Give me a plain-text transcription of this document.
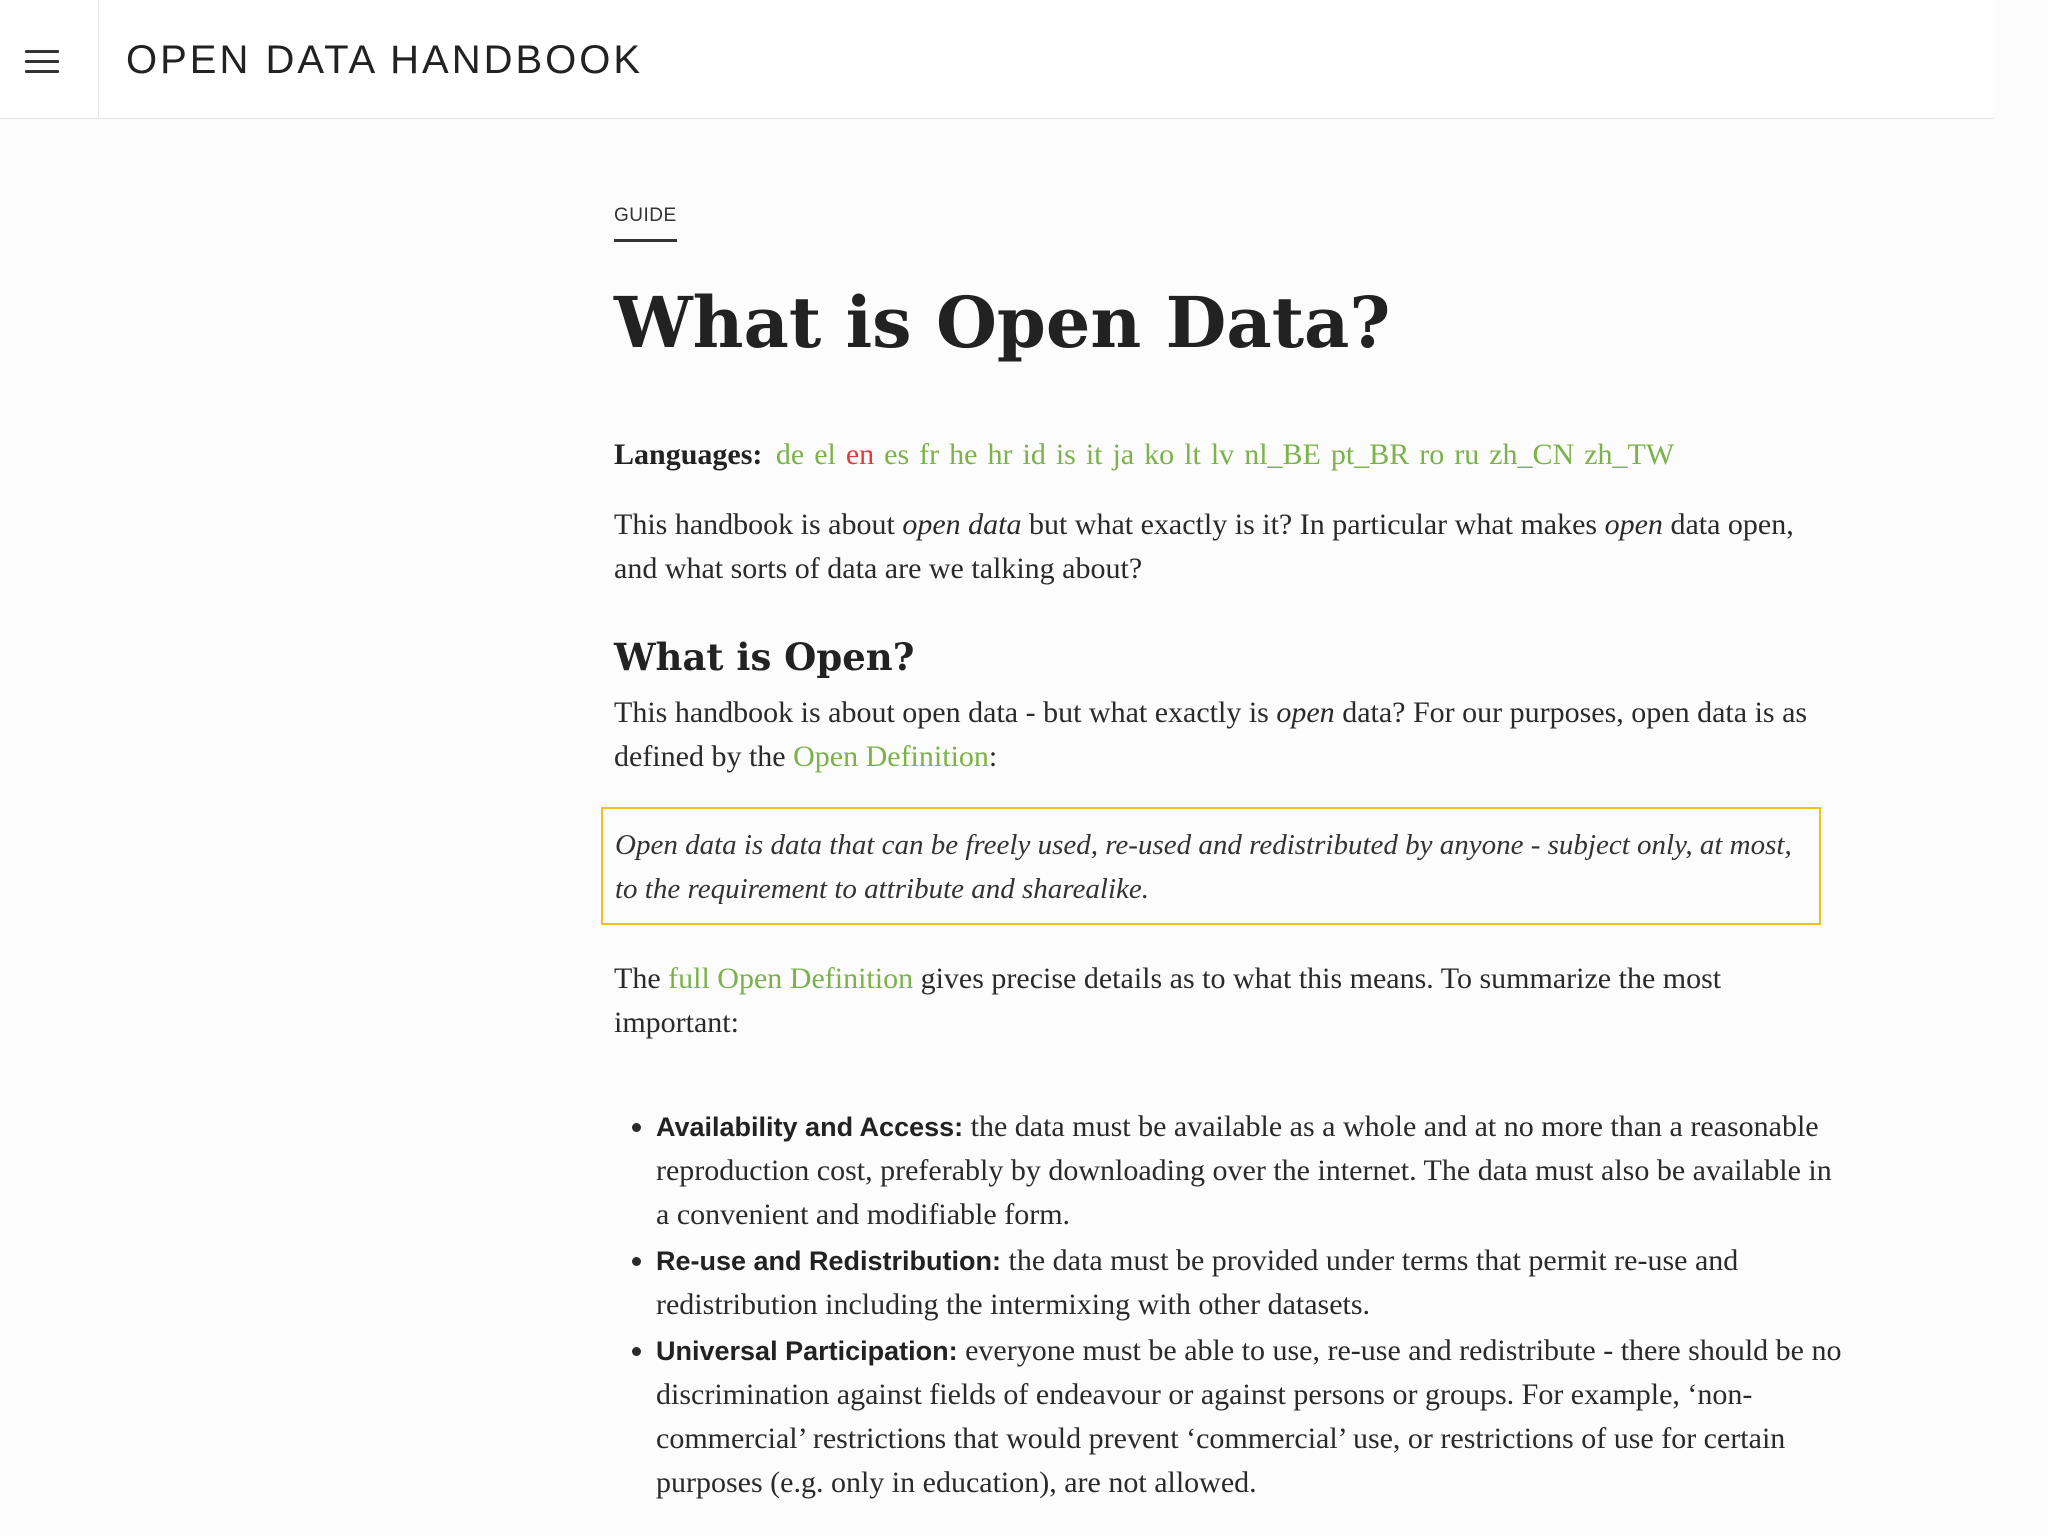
OPEN DATA HANDBOOK
GUIDE
What is Open Data?
Languages: de el en es fr he hr id is it ja ko lt lv nl_BE pt_BR ro ru zh_CN zh_TW

This handbook is about open data but what exactly is it? In particular what makes open data open, and what sorts of data are we talking about?

What is Open?

This handbook is about open data - but what exactly is open data? For our purposes, open data is as defined by the Open Definition:

Open data is data that can be freely used, re-used and redistributed by anyone - subject only, at most, to the requirement to attribute and sharealike.

The full Open Definition gives precise details as to what this means. To summarize the most important:

• Availability and Access: the data must be available as a whole and at no more than a reasonable reproduction cost, preferably by downloading over the internet. The data must also be available in a convenient and modifiable form.
• Re-use and Redistribution: the data must be provided under terms that permit re-use and redistribution including the intermixing with other datasets.
• Universal Participation: everyone must be able to use, re-use and redistribute - there should be no discrimination against fields of endeavour or against persons or groups. For example, ‘non-commercial’ restrictions that would prevent ‘commercial’ use, or restrictions of use for certain purposes (e.g. only in education), are not allowed.
